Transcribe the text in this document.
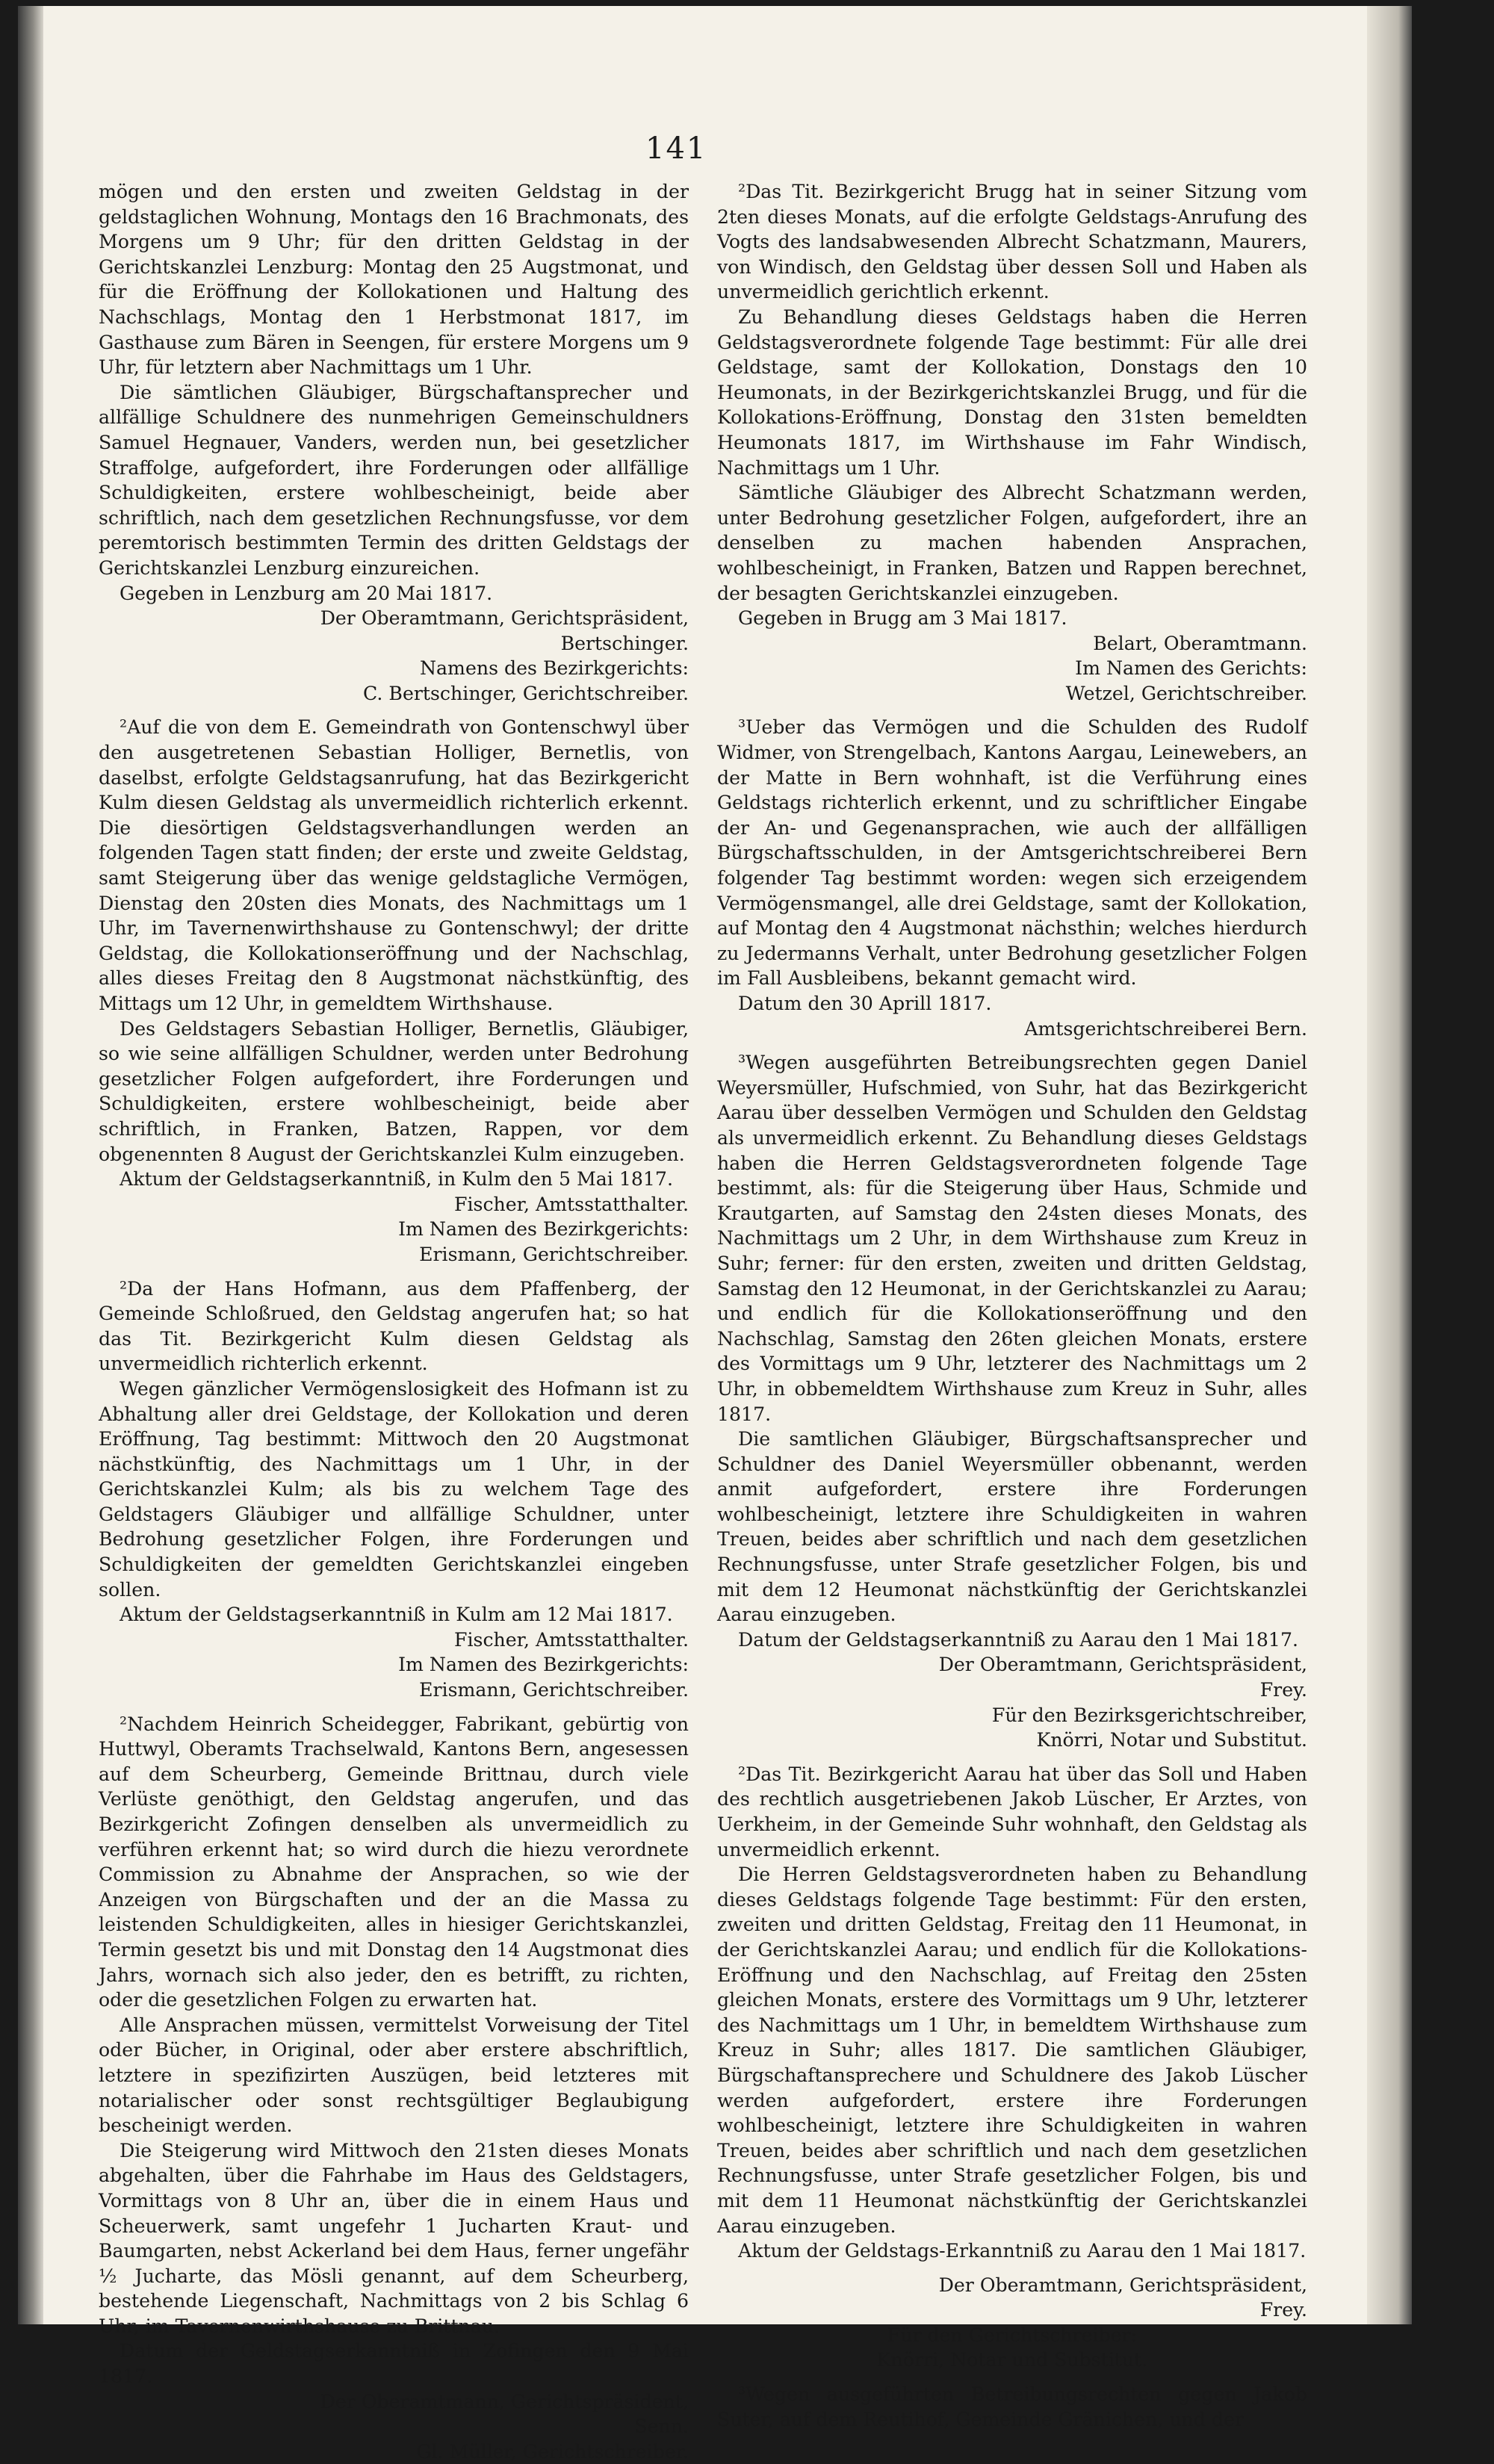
141

mögen und den ersten und zweiten Geldstag in der geldstaglichen Wohnung, Montags den 16 Brachmonats, des Morgens um 9 Uhr; für den dritten Geldstag in der Gerichtskanzlei Lenzburg: Montag den 25 Augstmonat, und für die Eröffnung der Kollokationen und Haltung des Nachschlags, Montag den 1 Herbstmonat 1817, im Gasthause zum Bären in Seengen, für erstere Morgens um 9 Uhr, für letztern aber Nachmittags um 1 Uhr.

Die sämtlichen Gläubiger, Bürgschaftansprecher und allfällige Schuldnere des nunmehrigen Gemeinschuldners Samuel Hegnauer, Vanders, werden nun, bei gesetzlicher Straffolge, aufgefordert, ihre Forderungen oder allfällige Schuldigkeiten, erstere wohlbescheinigt, beide aber schriftlich, nach dem gesetzlichen Rechnungsfusse, vor dem peremtorisch bestimmten Termin des dritten Geldstags der Gerichtskanzlei Lenzburg einzureichen.

Gegeben in Lenzburg am 20 Mai 1817.

Der Oberamtmann, Gerichtspräsident,

Bertschinger.

Namens des Bezirkgerichts:

C. Bertschinger, Gerichtschreiber.

²Auf die von dem E. Gemeindrath von Gontenschwyl über den ausgetretenen Sebastian Holliger, Bernetlis, von daselbst, erfolgte Geldstagsanrufung, hat das Bezirkgericht Kulm diesen Geldstag als unvermeidlich richterlich erkennt. Die diesörtigen Geldstagsverhandlungen werden an folgenden Tagen statt finden; der erste und zweite Geldstag, samt Steigerung über das wenige geldstagliche Vermögen, Dienstag den 20sten dies Monats, des Nachmittags um 1 Uhr, im Tavernenwirthshause zu Gontenschwyl; der dritte Geldstag, die Kollokationseröffnung und der Nachschlag, alles dieses Freitag den 8 Augstmonat nächstkünftig, des Mittags um 12 Uhr, in gemeldtem Wirthshause.

Des Geldstagers Sebastian Holliger, Bernetlis, Gläubiger, so wie seine allfälligen Schuldner, werden unter Bedrohung gesetzlicher Folgen aufgefordert, ihre Forderungen und Schuldigkeiten, erstere wohlbescheinigt, beide aber schriftlich, in Franken, Batzen, Rappen, vor dem obgenennten 8 August der Gerichtskanzlei Kulm einzugeben.

Aktum der Geldstagserkanntniß, in Kulm den 5 Mai 1817.

Fischer, Amtsstatthalter.

Im Namen des Bezirkgerichts:

Erismann, Gerichtschreiber.

²Da der Hans Hofmann, aus dem Pfaffenberg, der Gemeinde Schloßrued, den Geldstag angerufen hat; so hat das Tit. Bezirkgericht Kulm diesen Geldstag als unvermeidlich richterlich erkennt.

Wegen gänzlicher Vermögenslosigkeit des Hofmann ist zu Abhaltung aller drei Geldstage, der Kollokation und deren Eröffnung, Tag bestimmt: Mittwoch den 20 Augstmonat nächstkünftig, des Nachmittags um 1 Uhr, in der Gerichtskanzlei Kulm; als bis zu welchem Tage des Geldstagers Gläubiger und allfällige Schuldner, unter Bedrohung gesetzlicher Folgen, ihre Forderungen und Schuldigkeiten der gemeldten Gerichtskanzlei eingeben sollen.

Aktum der Geldstagserkanntniß in Kulm am 12 Mai 1817.

Fischer, Amtsstatthalter.

Im Namen des Bezirkgerichts:

Erismann, Gerichtschreiber.

²Nachdem Heinrich Scheidegger, Fabrikant, gebürtig von Huttwyl, Oberamts Trachselwald, Kantons Bern, angesessen auf dem Scheurberg, Gemeinde Brittnau, durch viele Verlüste genöthigt, den Geldstag angerufen, und das Bezirkgericht Zofingen denselben als unvermeidlich zu verführen erkennt hat; so wird durch die hiezu verordnete Commission zu Abnahme der Ansprachen, so wie der Anzeigen von Bürgschaften und der an die Massa zu leistenden Schuldigkeiten, alles in hiesiger Gerichtskanzlei, Termin gesetzt bis und mit Donstag den 14 Augstmonat dies Jahrs, wornach sich also jeder, den es betrifft, zu richten, oder die gesetzlichen Folgen zu erwarten hat.

Alle Ansprachen müssen, vermittelst Vorweisung der Titel oder Bücher, in Original, oder aber erstere abschriftlich, letztere in spezifizirten Auszügen, beid letzteres mit notarialischer oder sonst rechtsgültiger Beglaubigung bescheinigt werden.

Die Steigerung wird Mittwoch den 21sten dieses Monats abgehalten, über die Fahrhabe im Haus des Geldstagers, Vormittags von 8 Uhr an, über die in einem Haus und Scheuerwerk, samt ungefehr 1 Jucharten Kraut- und Baumgarten, nebst Ackerland bei dem Haus, ferner ungefähr ½ Jucharte, das Mösli genannt, auf dem Scheurberg, bestehende Liegenschaft, Nachmittags von 2 bis Schlag 6 Uhr, im Tavernenwirthshause zu Brittnau.

Datum der Geldstagserkanntniß in Zofingen den 9 Mai 1817.

Der Oberamtmann, Gerichtspräsident,

Senn.

Gl. Müller, Gerichtschreiber.

²Das Tit. Bezirkgericht Brugg hat in seiner Sitzung vom 2ten dieses Monats, auf die erfolgte Geldstags-Anrufung des Vogts des landsabwesenden Albrecht Schatzmann, Maurers, von Windisch, den Geldstag über dessen Soll und Haben als unvermeidlich gerichtlich erkennt.

Zu Behandlung dieses Geldstags haben die Herren Geldstagsverordnete folgende Tage bestimmt: Für alle drei Geldstage, samt der Kollokation, Donstags den 10 Heumonats, in der Bezirkgerichtskanzlei Brugg, und für die Kollokations-Eröffnung, Donstag den 31sten bemeldten Heumonats 1817, im Wirthshause im Fahr Windisch, Nachmittags um 1 Uhr.

Sämtliche Gläubiger des Albrecht Schatzmann werden, unter Bedrohung gesetzlicher Folgen, aufgefordert, ihre an denselben zu machen habenden Ansprachen, wohlbescheinigt, in Franken, Batzen und Rappen berechnet, der besagten Gerichtskanzlei einzugeben.

Gegeben in Brugg am 3 Mai 1817.

Belart, Oberamtmann.

Im Namen des Gerichts:

Wetzel, Gerichtschreiber.

³Ueber das Vermögen und die Schulden des Rudolf Widmer, von Strengelbach, Kantons Aargau, Leinewebers, an der Matte in Bern wohnhaft, ist die Verführung eines Geldstags richterlich erkennt, und zu schriftlicher Eingabe der An- und Gegenansprachen, wie auch der allfälligen Bürgschaftsschulden, in der Amtsgerichtschreiberei Bern folgender Tag bestimmt worden: wegen sich erzeigendem Vermögensmangel, alle drei Geldstage, samt der Kollokation, auf Montag den 4 Augstmonat nächsthin; welches hierdurch zu Jedermanns Verhalt, unter Bedrohung gesetzlicher Folgen im Fall Ausbleibens, bekannt gemacht wird.

Datum den 30 Aprill 1817.

Amtsgerichtschreiberei Bern.

³Wegen ausgeführten Betreibungsrechten gegen Daniel Weyersmüller, Hufschmied, von Suhr, hat das Bezirkgericht Aarau über desselben Vermögen und Schulden den Geldstag als unvermeidlich erkennt. Zu Behandlung dieses Geldstags haben die Herren Geldstagsverordneten folgende Tage bestimmt, als: für die Steigerung über Haus, Schmide und Krautgarten, auf Samstag den 24sten dieses Monats, des Nachmittags um 2 Uhr, in dem Wirthshause zum Kreuz in Suhr; ferner: für den ersten, zweiten und dritten Geldstag, Samstag den 12 Heumonat, in der Gerichtskanzlei zu Aarau; und endlich für die Kollokationseröffnung und den Nachschlag, Samstag den 26ten gleichen Monats, erstere des Vormittags um 9 Uhr, letzterer des Nachmittags um 2 Uhr, in obbemeldtem Wirthshause zum Kreuz in Suhr, alles 1817.

Die samtlichen Gläubiger, Bürgschaftsansprecher und Schuldner des Daniel Weyersmüller obbenannt, werden anmit aufgefordert, erstere ihre Forderungen wohlbescheinigt, letztere ihre Schuldigkeiten in wahren Treuen, beides aber schriftlich und nach dem gesetzlichen Rechnungsfusse, unter Strafe gesetzlicher Folgen, bis und mit dem 12 Heumonat nächstkünftig der Gerichtskanzlei Aarau einzugeben.

Datum der Geldstagserkanntniß zu Aarau den 1 Mai 1817.

Der Oberamtmann, Gerichtspräsident,

Frey.

Für den Bezirksgerichtschreiber,

Knörri, Notar und Substitut.

²Das Tit. Bezirkgericht Aarau hat über das Soll und Haben des rechtlich ausgetriebenen Jakob Lüscher, Er Arztes, von Uerkheim, in der Gemeinde Suhr wohnhaft, den Geldstag als unvermeidlich erkennt.

Die Herren Geldstagsverordneten haben zu Behandlung dieses Geldstags folgende Tage bestimmt: Für den ersten, zweiten und dritten Geldstag, Freitag den 11 Heumonat, in der Gerichtskanzlei Aarau; und endlich für die Kollokations-Eröffnung und den Nachschlag, auf Freitag den 25sten gleichen Monats, erstere des Vormittags um 9 Uhr, letzterer des Nachmittags um 1 Uhr, in bemeldtem Wirthshause zum Kreuz in Suhr; alles 1817. Die samtlichen Gläubiger, Bürgschaftansprechere und Schuldnere des Jakob Lüscher werden aufgefordert, erstere ihre Forderungen wohlbescheinigt, letztere ihre Schuldigkeiten in wahren Treuen, beides aber schriftlich und nach dem gesetzlichen Rechnungsfusse, unter Strafe gesetzlicher Folgen, bis und mit dem 11 Heumonat nächstkünftig der Gerichtskanzlei Aarau einzugeben.

Aktum der Geldstags-Erkanntniß zu Aarau den 1 Mai 1817.

Der Oberamtmann, Gerichtspräsident,

Frey.

Für den Gerichtschreiber:

Knörri, Notar und Substitut.

³Wegen ausgeführten Betreibungsrechten gegen Jakob Suter, auf dem Reutihof, Gemeinde Gränichen, und der
